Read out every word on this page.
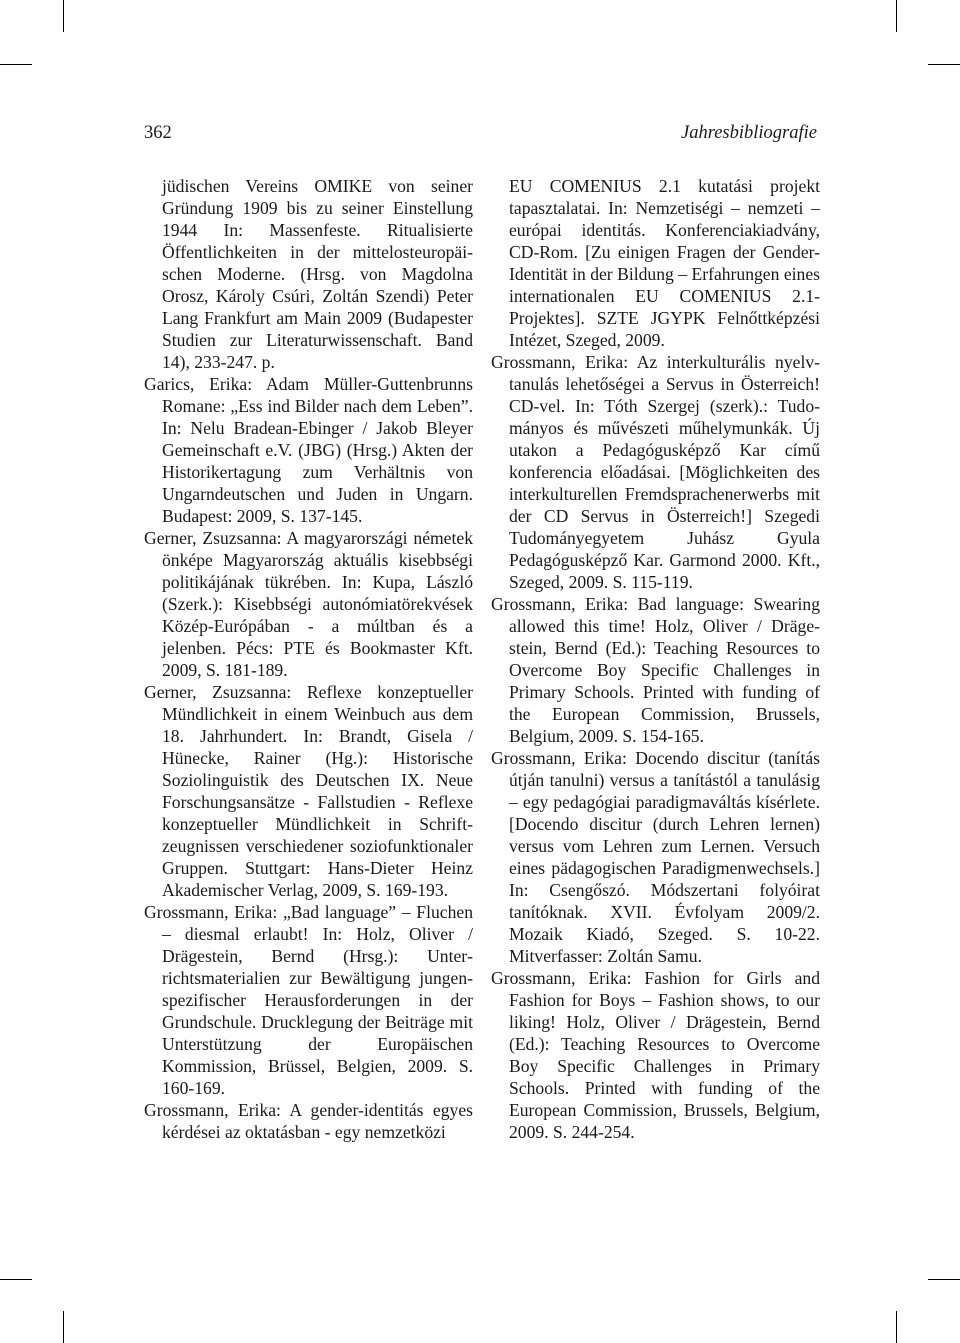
362	Jahresbibliografie
jüdischen Vereins OMIKE von seiner Gründung 1909 bis zu seiner Einstellung 1944 In: Massenfeste. Ritualisierte Öffentlichkeiten in der mittelosteuropäischen Moderne. (Hrsg. von Magdolna Orosz, Károly Csúri, Zoltán Szendi) Peter Lang Frankfurt am Main 2009 (Budapester Studien zur Literaturwissenschaft. Band 14), 233-247. p.
Garics, Erika: Adam Müller-Guttenbrunns Romane: „Ess ind Bilder nach dem Leben”. In: Nelu Bradean-Ebinger / Jakob Bleyer Gemeinschaft e.V. (JBG) (Hrsg.) Akten der Historikertagung zum Verhältnis von Ungarndeutschen und Juden in Ungarn. Budapest: 2009, S. 137-145.
Gerner, Zsuzsanna: A magyarországi németek önképe Magyarország aktuális kisebbségi politikájának tükrében. In: Kupa, László (Szerk.): Kisebbségi autonómiatörekvések Közép-Európában - a múltban és a jelenben. Pécs: PTE és Bookmaster Kft. 2009, S. 181-189.
Gerner, Zsuzsanna: Reflexe konzeptueller Mündlichkeit in einem Weinbuch aus dem 18. Jahrhundert. In: Brandt, Gisela / Hünecke, Rainer (Hg.): Historische Soziolinguistik des Deutschen IX. Neue Forschungsansätze - Fallstudien - Reflexe konzeptueller Mündlichkeit in Schriftzeugnissen verschiedener soziofunktionaler Gruppen. Stuttgart: Hans-Dieter Heinz Akademischer Verlag, 2009, S. 169-193.
Grossmann, Erika: „Bad language” – Fluchen – diesmal erlaubt! In: Holz, Oliver / Drägestein, Bernd (Hrsg.): Unterrichtsmaterialien zur Bewältigung jungenspezifischer Herausforderungen in der Grundschule. Drucklegung der Beiträge mit Unterstützung der Europäischen Kommission, Brüssel, Belgien, 2009. S. 160-169.
Grossmann, Erika: A gender-identitás egyes kérdései az oktatásban - egy nemzetközi
EU COMENIUS 2.1 kutatási projekt tapasztalatai. In: Nemzetiségi – nemzeti – európai identitás. Konferenciakiadvány, CD-Rom. [Zu einigen Fragen der Gender-Identität in der Bildung – Erfahrungen eines internationalen EU COMENIUS 2.1-Projektes]. SZTE JGYPK Felnőttképzési Intézet, Szeged, 2009.
Grossmann, Erika: Az interkulturális nyelvtanulás lehetőségei a Servus in Österreich! CD-vel. In: Tóth Szergej (szerk).: Tudományos és művészeti műhelymunkák. Új utakon a Pedagógusképző Kar című konferencia előadásai. [Möglichkeiten des interkulturellen Fremdsprachenerwerbs mit der CD Servus in Österreich!] Szegedi Tudományegyetem Juhász Gyula Pedagógusképző Kar. Garmond 2000. Kft., Szeged, 2009. S. 115-119.
Grossmann, Erika: Bad language: Swearing allowed this time! Holz, Oliver / Drägestein, Bernd (Ed.): Teaching Resources to Overcome Boy Specific Challenges in Primary Schools. Printed with funding of the European Commission, Brussels, Belgium, 2009. S. 154-165.
Grossmann, Erika: Docendo discitur (tanítás útján tanulni) versus a tanítástól a tanulásig – egy pedagógiai paradigmaváltás kísérlete. [Docendo discitur (durch Lehren lernen) versus vom Lehren zum Lernen. Versuch eines pädagogischen Paradigmenwechsels.] In: Csengőszó. Módszertani folyóirat tanítóknak. XVII. Évfolyam 2009/2. Mozaik Kiadó, Szeged. S. 10-22. Mitverfasser: Zoltán Samu.
Grossmann, Erika: Fashion for Girls and Fashion for Boys – Fashion shows, to our liking! Holz, Oliver / Drägestein, Bernd (Ed.): Teaching Resources to Overcome Boy Specific Challenges in Primary Schools. Printed with funding of the European Commission, Brussels, Belgium, 2009. S. 244-254.
